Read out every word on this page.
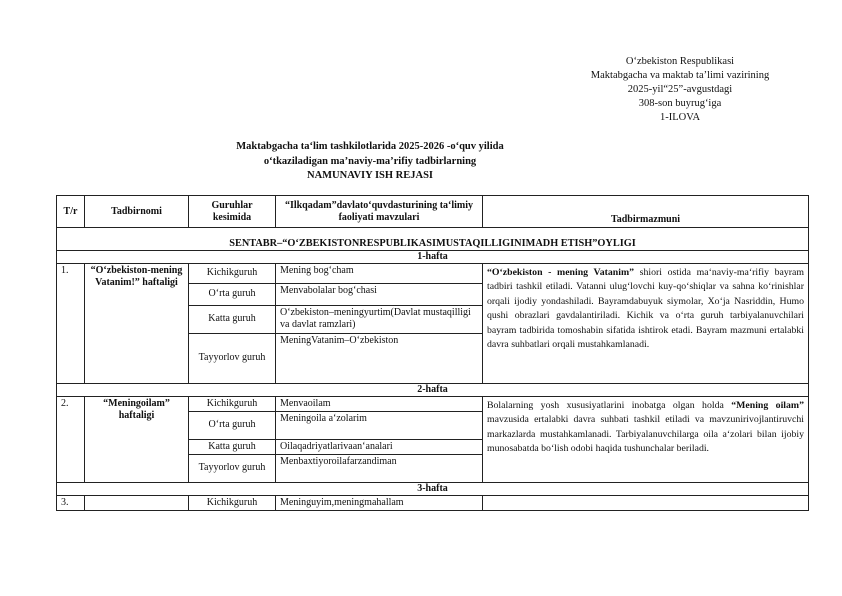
O‘zbekiston Respublikasi
Maktabgacha va maktab ta’limi vazirining
2025-yil“25”-avgustdagi
308-son buyrug‘iga
1-ILOVA
Maktabgacha ta‘lim tashkilotlarida 2025-2026 -o‘quv yilida
o‘tkaziladigan ma’naviy-ma’rifiy tadbirlarning
NAMUNAVIY ISH REJASI
T/r	Tadbirnomi	Guruhlar kesimida	“Ilkqadam”davlato‘quvdasturining ta‘limiy faoliyati mavzulari	Tadbirmazmuni

SENTABR–“O‘ZBEKISTONRESPUBLIKASIMUSTAQILLIGINIMADH ETISH”OYLIGI				
1-hafta				
1.	“O‘zbekiston-mening Vatanim!” haftaligi	Kichikguruh	Mening bog‘cham	“O‘zbekiston - mening Vatanim” shiori ostida ma‘naviy-ma‘rifiy bayram tadbiri tashkil etiladi. Vatanni ulug‘lovchi kuy-qo‘shiqlar va sahna ko‘rinishlar orqali ijodiy yondashiladi. Bayramdabuyuk siymolar, Xo‘ja Nasriddin, Humo qushi obrazlari gavdalantiriladi. Kichik va o‘rta guruh tarbiyalanuvchilari bayram tadbirida tomoshabin sifatida ishtirok etadi. Bayram mazmuni ertalabki davra suhbatlari orqali mustahkamlanadi.
		O‘rta guruh	Menvabolalar bog‘chasi	
		Katta guruh	O‘zbekiston–meningyurtim(Davlat mustaqilligi va davlat ramzlari)	
		Tayyorlov guruh	MeningVatanim–O‘zbekiston	
2-hafta				
2.	“Meningoilam” haftaligi	Kichikguruh	Menvaoilam	Bolalarning yosh xususiyatlarini inobatga olgan holda “Mening oilam” mavzusida ertalabki davra suhbati tashkil etiladi va mavzunirivojlantiruvchi markazlarda mustahkamlanadi. Tarbiyalanuvchilarga oila a‘zolari bilan ijobiy munosabatda bo‘lish odobi haqida tushunchalar beriladi.
		O‘rta guruh	Meningoila a‘zolarim	
		Katta guruh	Oilaqadriyatlarivaan‘analari	
		Tayyorlov guruh	Menbaxtiyoroilafarzandiman	
3-hafta				
3.		Kichikguruh	Meninguyim,meningmahallam	
